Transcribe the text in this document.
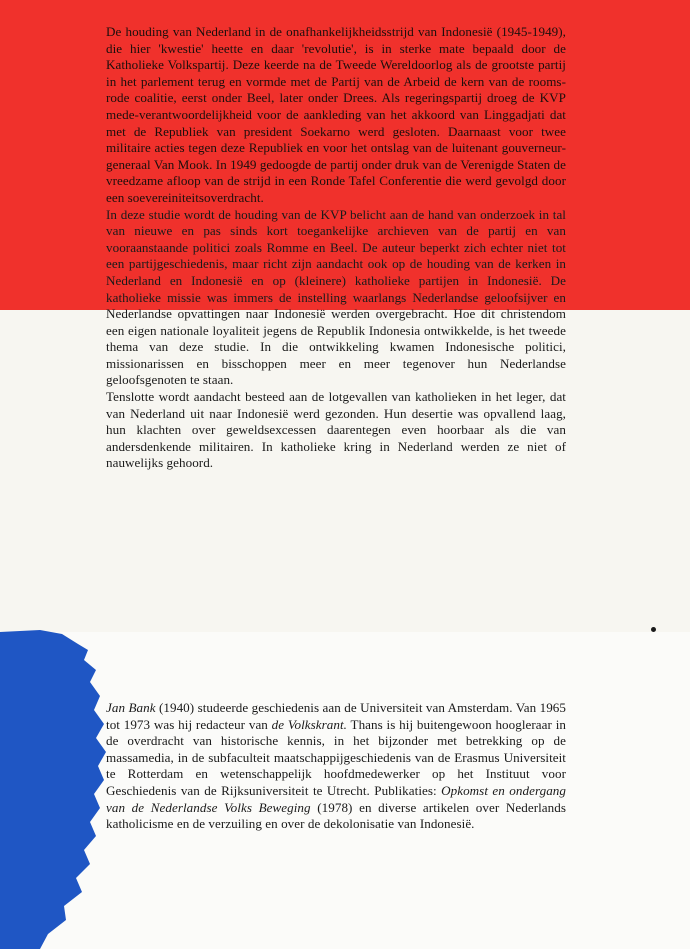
De houding van Nederland in de onafhankelijkheidsstrijd van Indonesië (1945-1949), die hier 'kwestie' heette en daar 'revolutie', is in sterke mate bepaald door de Katholieke Volkspartij. Deze keerde na de Tweede Wereldoorlog als de grootste partij in het parlement terug en vormde met de Partij van de Arbeid de kern van de rooms-rode coalitie, eerst onder Beel, later onder Drees. Als regeringspartij droeg de KVP mede-verantwoordelijkheid voor de aankleding van het akkoord van Linggadjati dat met de Republiek van president Soekarno werd gesloten. Daarnaast voor twee militaire acties tegen deze Republiek en voor het ontslag van de luitenant gouverneur-generaal Van Mook. In 1949 gedoogde de partij onder druk van de Verenigde Staten de vreedzame afloop van de strijd in een Ronde Tafel Conferentie die werd gevolgd door een soevereiniteitsoverdracht.

In deze studie wordt de houding van de KVP belicht aan de hand van onderzoek in tal van nieuwe en pas sinds kort toegankelijke archieven van de partij en van vooraanstaande politici zoals Romme en Beel. De auteur beperkt zich echter niet tot een partijgeschiedenis, maar richt zijn aandacht ook op de houding van de kerken in Nederland en Indonesië en op (kleinere) katholieke partijen in Indonesië. De katholieke missie was immers de instelling waarlangs Nederlandse geloofsijver en Nederlandse opvattingen naar Indonesië werden overgebracht. Hoe dit christendom een eigen nationale loyaliteit jegens de Republik Indonesia ontwikkelde, is het tweede thema van deze studie. In die ontwikkeling kwamen Indonesische politici, missionarissen en bisschoppen meer en meer tegenover hun Nederlandse geloofsgenoten te staan.

Tenslotte wordt aandacht besteed aan de lotgevallen van katholieken in het leger, dat van Nederland uit naar Indonesië werd gezonden. Hun desertie was opvallend laag, hun klachten over geweldsexcessen daarentegen even hoorbaar als die van andersdenkende militairen. In katholieke kring in Nederland werden ze niet of nauwelijks gehoord.

Jan Bank (1940) studeerde geschiedenis aan de Universiteit van Amsterdam. Van 1965 tot 1973 was hij redacteur van de Volkskrant. Thans is hij buitengewoon hoogleraar in de overdracht van historische kennis, in het bijzonder met betrekking op de massamedia, in de subfaculteit maatschappijgeschiedenis van de Erasmus Universiteit te Rotterdam en wetenschappelijk hoofdmedewerker op het Instituut voor Geschiedenis van de Rijksuniversiteit te Utrecht. Publikaties: Opkomst en ondergang van de Nederlandse Volks Beweging (1978) en diverse artikelen over Nederlands katholicisme en de verzuiling en over de dekolonisatie van Indonesië.
